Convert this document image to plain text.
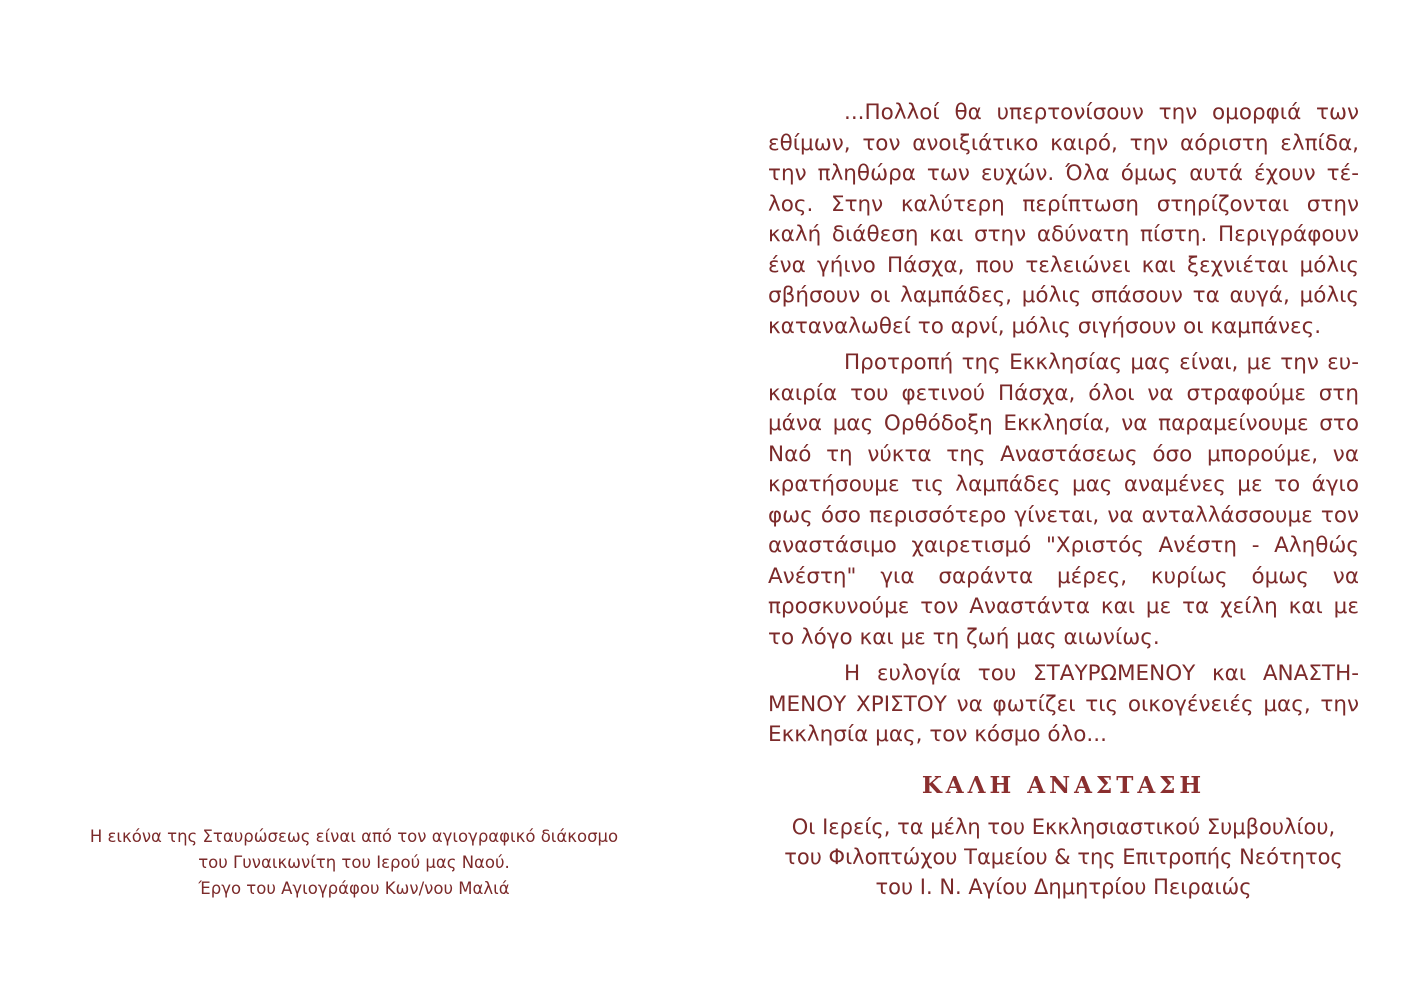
Η εικόνα της Σταυρώσεως είναι από τον αγιογραφικό διάκοσμο
του Γυναικωνίτη του Ιερού μας Ναού.
Έργο του Αγιογράφου Κων/νου Μαλιά

...Πολλοί θα υπερτονίσουν την ομορφιά των εθίμων, τον ανοιξιάτικο καιρό, την αόριστη ελπίδα, την πληθώρα των ευχών. Όλα όμως αυτά έχουν τέλος. Στην καλύτερη περίπτωση στηρίζονται στην καλή διάθεση και στην αδύνατη πίστη. Περιγράφουν ένα γήινο Πάσχα, που τελειώνει και ξεχνιέται μόλις σβήσουν οι λαμπάδες, μόλις σπάσουν τα αυγά, μόλις καταναλωθεί το αρνί, μόλις σιγήσουν οι καμπάνες.

Προτροπή της Εκκλησίας μας είναι, με την ευκαιρία του φετινού Πάσχα, όλοι να στραφούμε στη μάνα μας Ορθόδοξη Εκκλησία, να παραμείνουμε στο Ναό τη νύκτα της Αναστάσεως όσο μπορούμε, να κρατήσουμε τις λαμπάδες μας αναμένες με το άγιο φως όσο περισσότερο γίνεται, να ανταλλάσσουμε τον αναστάσιμο χαιρετισμό "Χριστός Ανέστη - Αληθώς Ανέστη" για σαράντα μέρες, κυρίως όμως να προσκυνούμε τον Αναστάντα και με τα χείλη και με το λόγο και με τη ζωή μας αιωνίως.

Η ευλογία του ΣΤΑΥΡΩΜΕΝΟΥ και ΑΝΑΣΤΗΜΕΝΟΥ ΧΡΙΣΤΟΥ να φωτίζει τις οικογένειές μας, την Εκκλησία μας, τον κόσμο όλο...

ΚΑΛΗ ΑΝΑΣΤΑΣΗ
Οι Ιερείς, τα μέλη του Εκκλησιαστικού Συμβουλίου,
του Φιλοπτώχου Ταμείου & της Επιτροπής Νεότητος
του Ι. Ν. Αγίου Δημητρίου Πειραιώς
